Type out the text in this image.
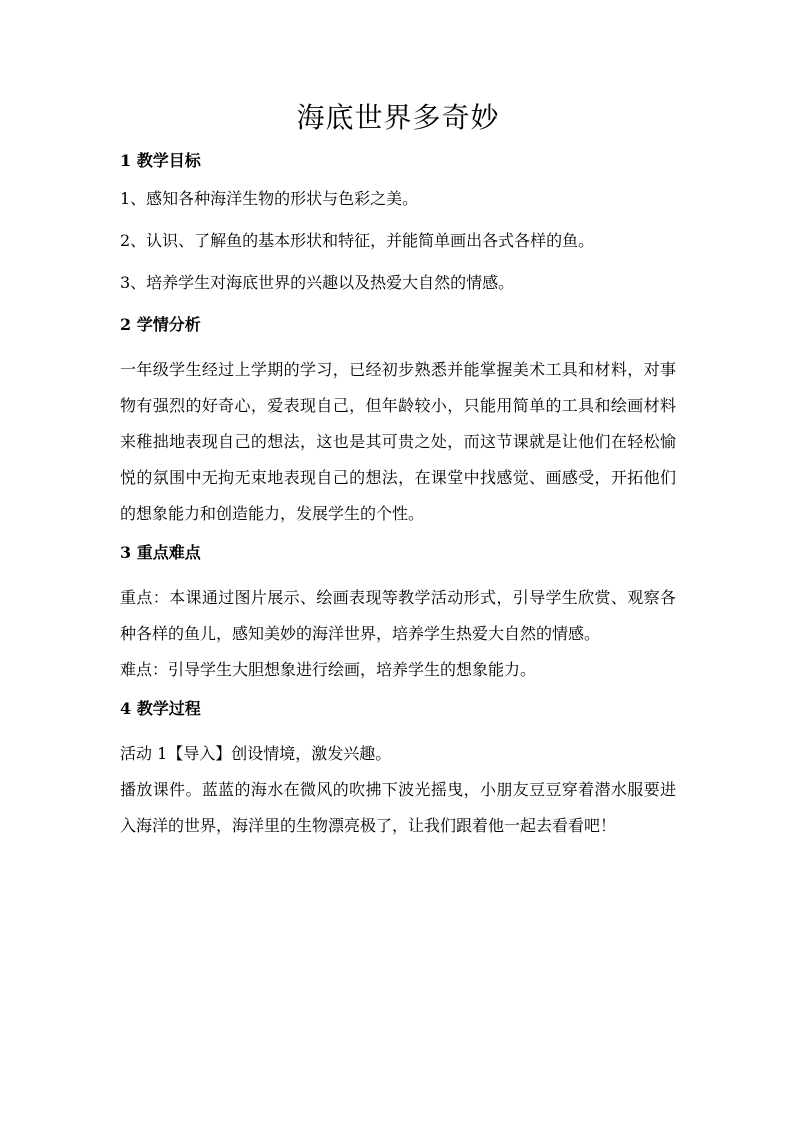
海底世界多奇妙
1 教学目标
1、感知各种海洋生物的形状与色彩之美。
2、认识、了解鱼的基本形状和特征，并能简单画出各式各样的鱼。
3、培养学生对海底世界的兴趣以及热爱大自然的情感。
2 学情分析

一年级学生经过上学期的学习，已经初步熟悉并能掌握美术工具和材料，对事物有强烈的好奇心，爱表现自己，但年龄较小，只能用简单的工具和绘画材料来稚拙地表现自己的想法，这也是其可贵之处，而这节课就是让他们在轻松愉悦的氛围中无拘无束地表现自己的想法，在课堂中找感觉、画感受，开拓他们的想象能力和创造能力，发展学生的个性。

3 重点难点

重点：本课通过图片展示、绘画表现等教学活动形式，引导学生欣赏、观察各种各样的鱼儿，感知美妙的海洋世界，培养学生热爱大自然的情感。

难点：引导学生大胆想象进行绘画，培养学生的想象能力。

4 教学过程

活动 1【导入】创设情境，激发兴趣。

播放课件。蓝蓝的海水在微风的吹拂下波光摇曳，小朋友豆豆穿着潜水服要进入海洋的世界，海洋里的生物漂亮极了，让我们跟着他一起去看看吧！
